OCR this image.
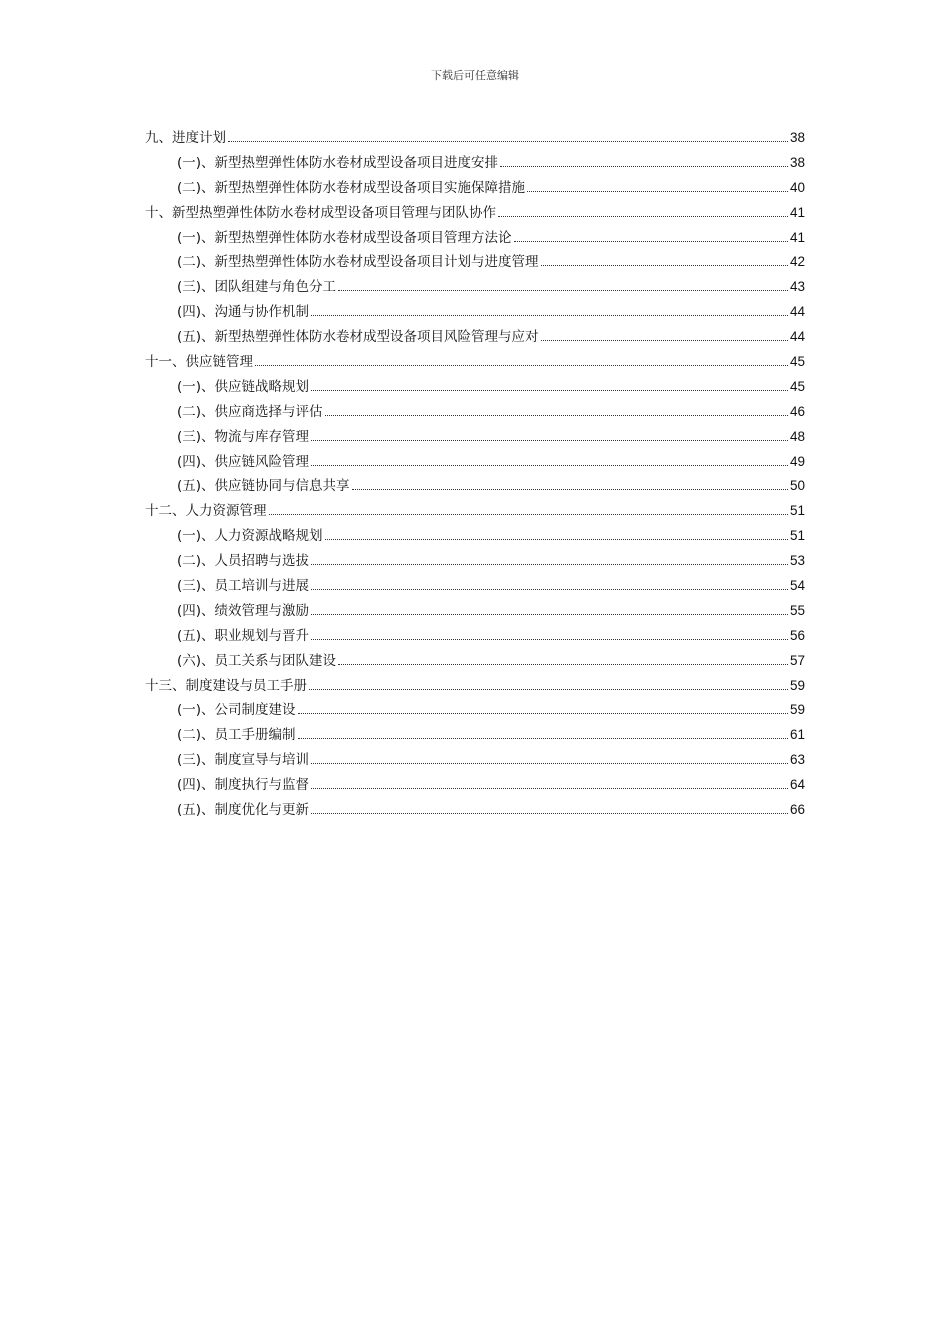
下载后可任意编辑
九、进度计划	38
(一)、新型热塑弹性体防水卷材成型设备项目进度安排	38
(二)、新型热塑弹性体防水卷材成型设备项目实施保障措施	40
十、新型热塑弹性体防水卷材成型设备项目管理与团队协作	41
(一)、新型热塑弹性体防水卷材成型设备项目管理方法论	41
(二)、新型热塑弹性体防水卷材成型设备项目计划与进度管理	42
(三)、团队组建与角色分工	43
(四)、沟通与协作机制	44
(五)、新型热塑弹性体防水卷材成型设备项目风险管理与应对	44
十一、供应链管理	45
(一)、供应链战略规划	45
(二)、供应商选择与评估	46
(三)、物流与库存管理	48
(四)、供应链风险管理	49
(五)、供应链协同与信息共享	50
十二、人力资源管理	51
(一)、人力资源战略规划	51
(二)、人员招聘与选拔	53
(三)、员工培训与进展	54
(四)、绩效管理与激励	55
(五)、职业规划与晋升	56
(六)、员工关系与团队建设	57
十三、制度建设与员工手册	59
(一)、公司制度建设	59
(二)、员工手册编制	61
(三)、制度宣导与培训	63
(四)、制度执行与监督	64
(五)、制度优化与更新	66
